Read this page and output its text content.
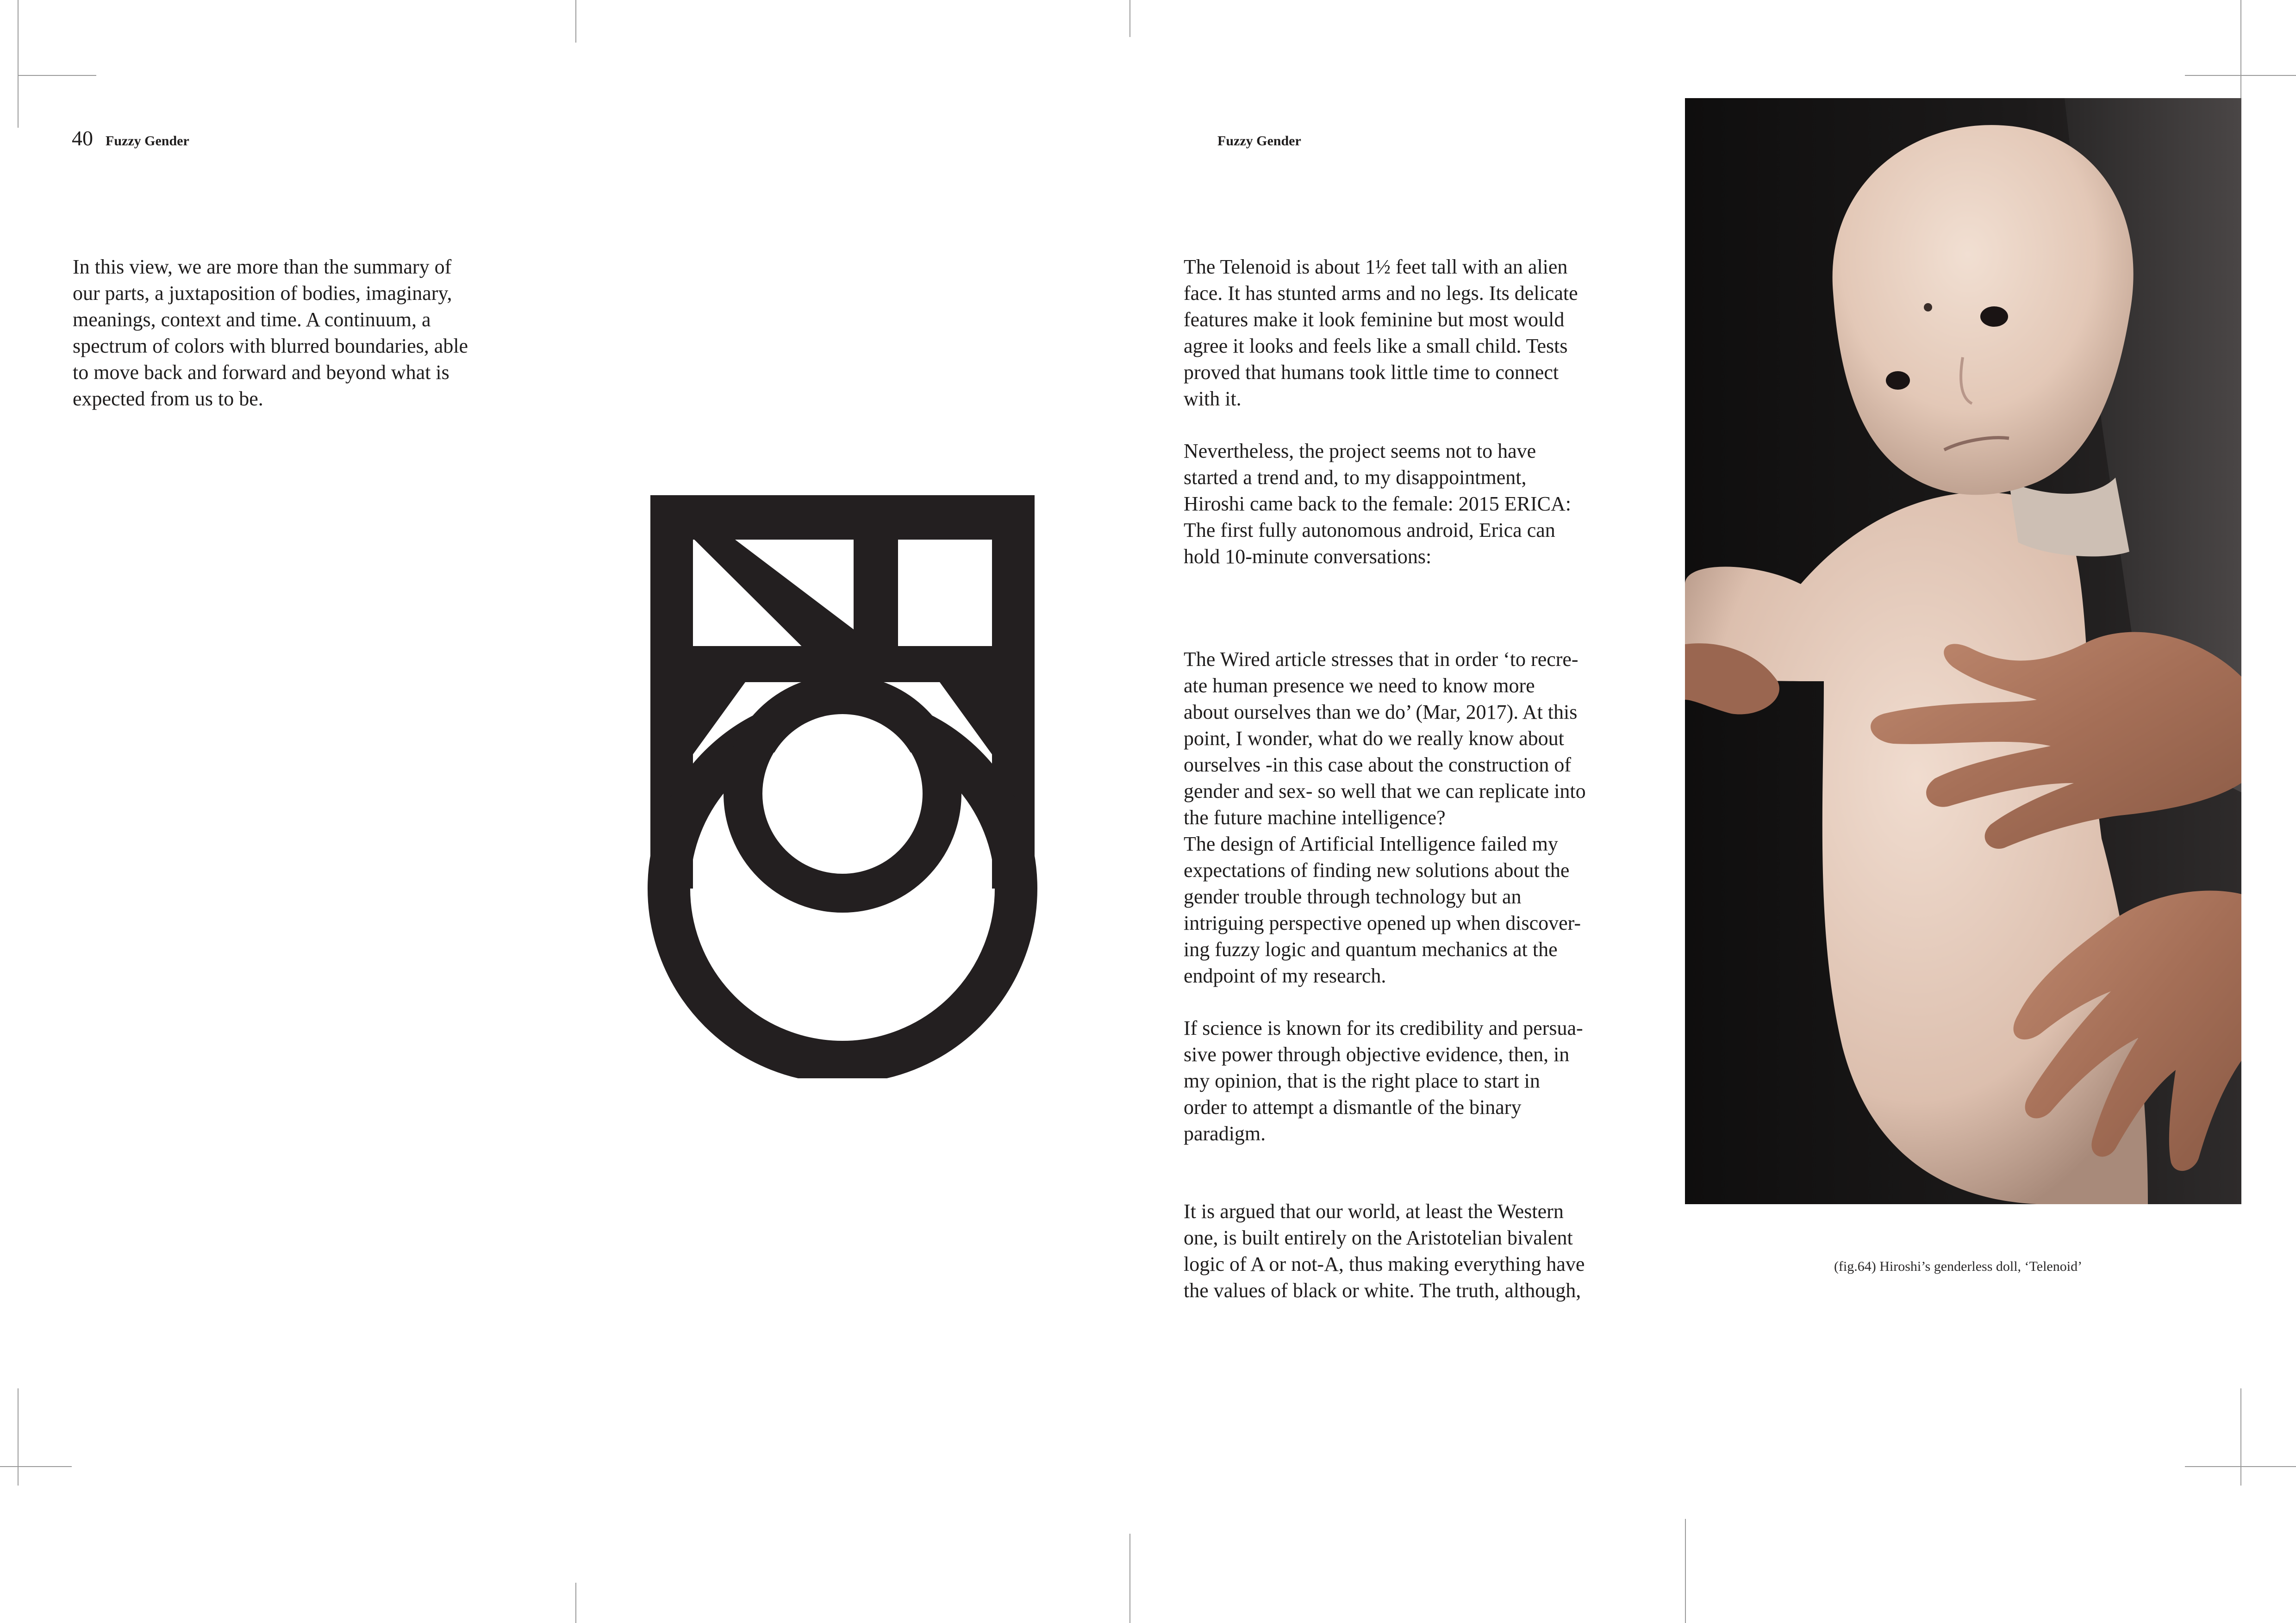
40 Fuzzy Gender

In this view, we are more than the summary of
our parts, a juxtaposition of bodies, imaginary,
meanings, context and time. A continuum, a
spectrum of colors with blurred boundaries, able
to move back and forward and beyond what is
expected from us to be.

Fuzzy Gender

The Telenoid is about 1½ feet tall with an alien
face. It has stunted arms and no legs. Its delicate
features make it look feminine but most would
agree it looks and feels like a small child. Tests
proved that humans took little time to connect
with it.

Nevertheless, the project seems not to have
started a trend and, to my disappointment,
Hiroshi came back to the female: 2015 ERICA:
The first fully autonomous android, Erica can
hold 10-minute conversations:

The Wired article stresses that in order ‘to recre-
ate human presence we need to know more
about ourselves than we do’ (Mar, 2017). At this
point, I wonder, what do we really know about
ourselves -in this case about the construction of
gender and sex- so well that we can replicate into
the future machine intelligence?
The design of Artificial Intelligence failed my
expectations of finding new solutions about the
gender trouble through technology but an
intriguing perspective opened up when discover-
ing fuzzy logic and quantum mechanics at the
endpoint of my research.

If science is known for its credibility and persua-
sive power through objective evidence, then, in
my opinion, that is the right place to start in
order to attempt a dismantle of the binary
paradigm.

It is argued that our world, at least the Western
one, is built entirely on the Aristotelian bivalent
logic of A or not-A, thus making everything have
the values of black or white. The truth, although,

(fig.64) Hiroshi’s genderless doll, ‘Telenoid’
